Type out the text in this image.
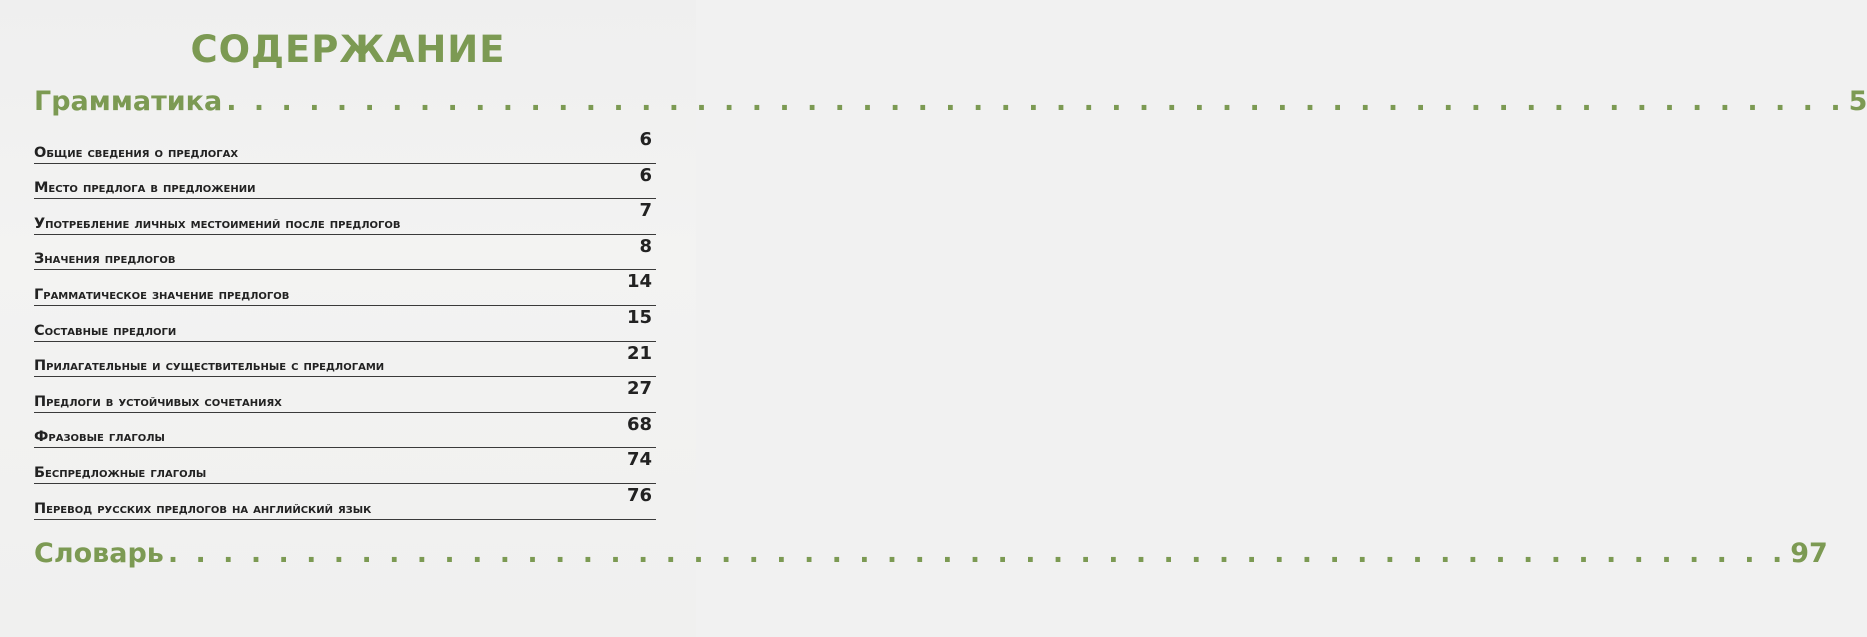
СОДЕРЖАНИЕ
Грамматика . . . . . . . . . . . . . . . . . . . . . . . . . . . . . . . . . . . . . . . . . . . . . . . . . . . . . . . . . . . 5
Общие сведения о предлогах
6
Место предлога в предложении
6
Употребление личных местоимений после предлогов
7
Значения предлогов
8
Грамматическое значение предлогов
14
Составные предлоги
15
Прилагательные и существительные с предлогами
21
Предлоги в устойчивых сочетаниях
27
Фразовые глаголы
68
Беспредложные глаголы
74
Перевод русских предлогов на английский язык
76
Словарь . . . . . . . . . . . . . . . . . . . . . . . . . . . . . . . . . . . . . . . . . . . . . . . . . . . . . . . . . . . 97
